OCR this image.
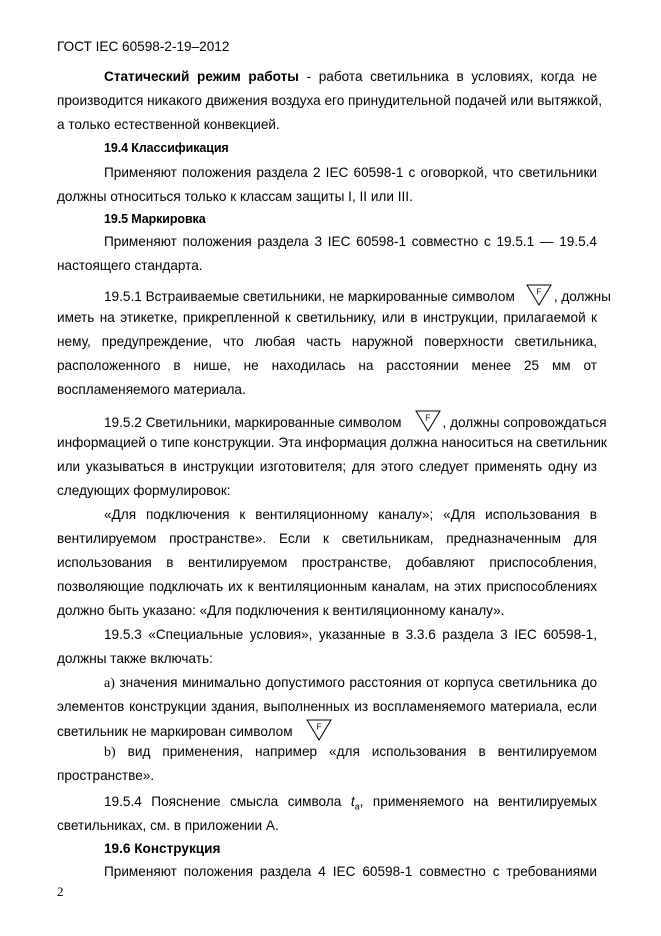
ГОСТ IEC 60598-2-19–2012
Статический режим работы - работа светильника в условиях, когда не
производится никакого движения воздуха его принудительной подачей или вытяжкой,
а только естественной конвекцией.
19.4 Классификация
Применяют положения раздела 2 IEC 60598-1 с оговоркой, что светильники
должны относиться только к классам защиты I, II или III.
19.5 Маркировка
Применяют положения раздела 3 IEC 60598-1 совместно с 19.5.1 — 19.5.4
настоящего стандарта.
19.5.1 Встраиваемые светильники, не маркированные символом	F , должны
иметь на этикетке, прикрепленной к светильнику, или в инструкции, прилагаемой к
нему, предупреждение, что любая часть наружной поверхности светильника,
расположенного в нише, не находилась на расстоянии менее 25 мм от
воспламеняемого материала.
19.5.2 Светильники, маркированные символом	F , должны сопровождаться
информацией о типе конструкции. Эта информация должна наноситься на светильник
или указываться в инструкции изготовителя; для этого следует применять одну из
следующих формулировок:
«Для подключения к вентиляционному каналу»; «Для использования в
вентилируемом пространстве». Если к светильникам, предназначенным для
использования в вентилируемом пространстве, добавляют приспособления,
позволяющие подключать их к вентиляционным каналам, на этих приспособлениях
должно быть указано: «Для подключения к вентиляционному каналу».
19.5.3 «Специальные условия», указанные в 3.3.6 раздела 3 IEC 60598-1,
должны также включать:
а) значения минимально допустимого расстояния от корпуса светильника до
элементов конструкции здания, выполненных из воспламеняемого материала, если
светильник не маркирован символом	F
b) вид применения, например «для использования в вентилируемом
пространстве».
19.5.4 Пояснение смысла символа $t_a$, применяемого на вентилируемых
светильниках, см. в приложении А.
19.6 Конструкция
Применяют положения раздела 4 IEC 60598-1 совместно с требованиями
2
